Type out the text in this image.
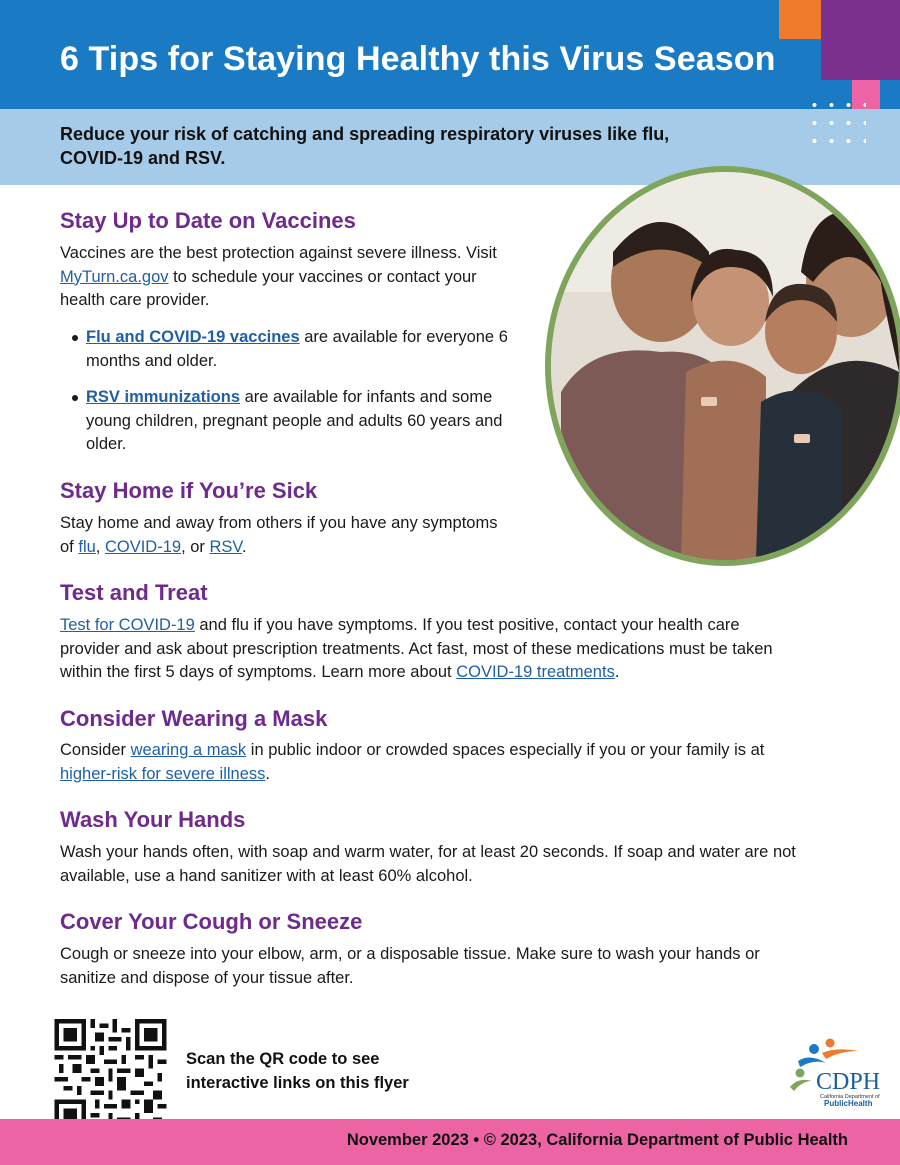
6 Tips for Staying Healthy this Virus Season

Reduce your risk of catching and spreading respiratory viruses like flu, COVID-19 and RSV.

Stay Up to Date on Vaccines

Vaccines are the best protection against severe illness. Visit MyTurn.ca.gov to schedule your vaccines or contact your health care provider.

Flu and COVID-19 vaccines are available for everyone 6 months and older.

RSV immunizations are available for infants and some young children, pregnant people and adults 60 years and older.

Stay Home if You’re Sick

Stay home and away from others if you have any symptoms of flu, COVID-19, or RSV.

Test and Treat

Test for COVID-19 and flu if you have symptoms. If you test positive, contact your health care provider and ask about prescription treatments. Act fast, most of these medications must be taken within the first 5 days of symptoms. Learn more about COVID-19 treatments.

Consider Wearing a Mask

Consider wearing a mask in public indoor or crowded spaces especially if you or your family is at higher-risk for severe illness.

Wash Your Hands

Wash your hands often, with soap and warm water, for at least 20 seconds. If soap and water are not available, use a hand sanitizer with at least 60% alcohol.

Cover Your Cough or Sneeze

Cough or sneeze into your elbow, arm, or a disposable tissue. Make sure to wash your hands or sanitize and dispose of your tissue after.

Scan the QR code to see interactive links on this flyer	CDPH
California Department of
PublicHealth

November 2023 • © 2023, California Department of Public Health
